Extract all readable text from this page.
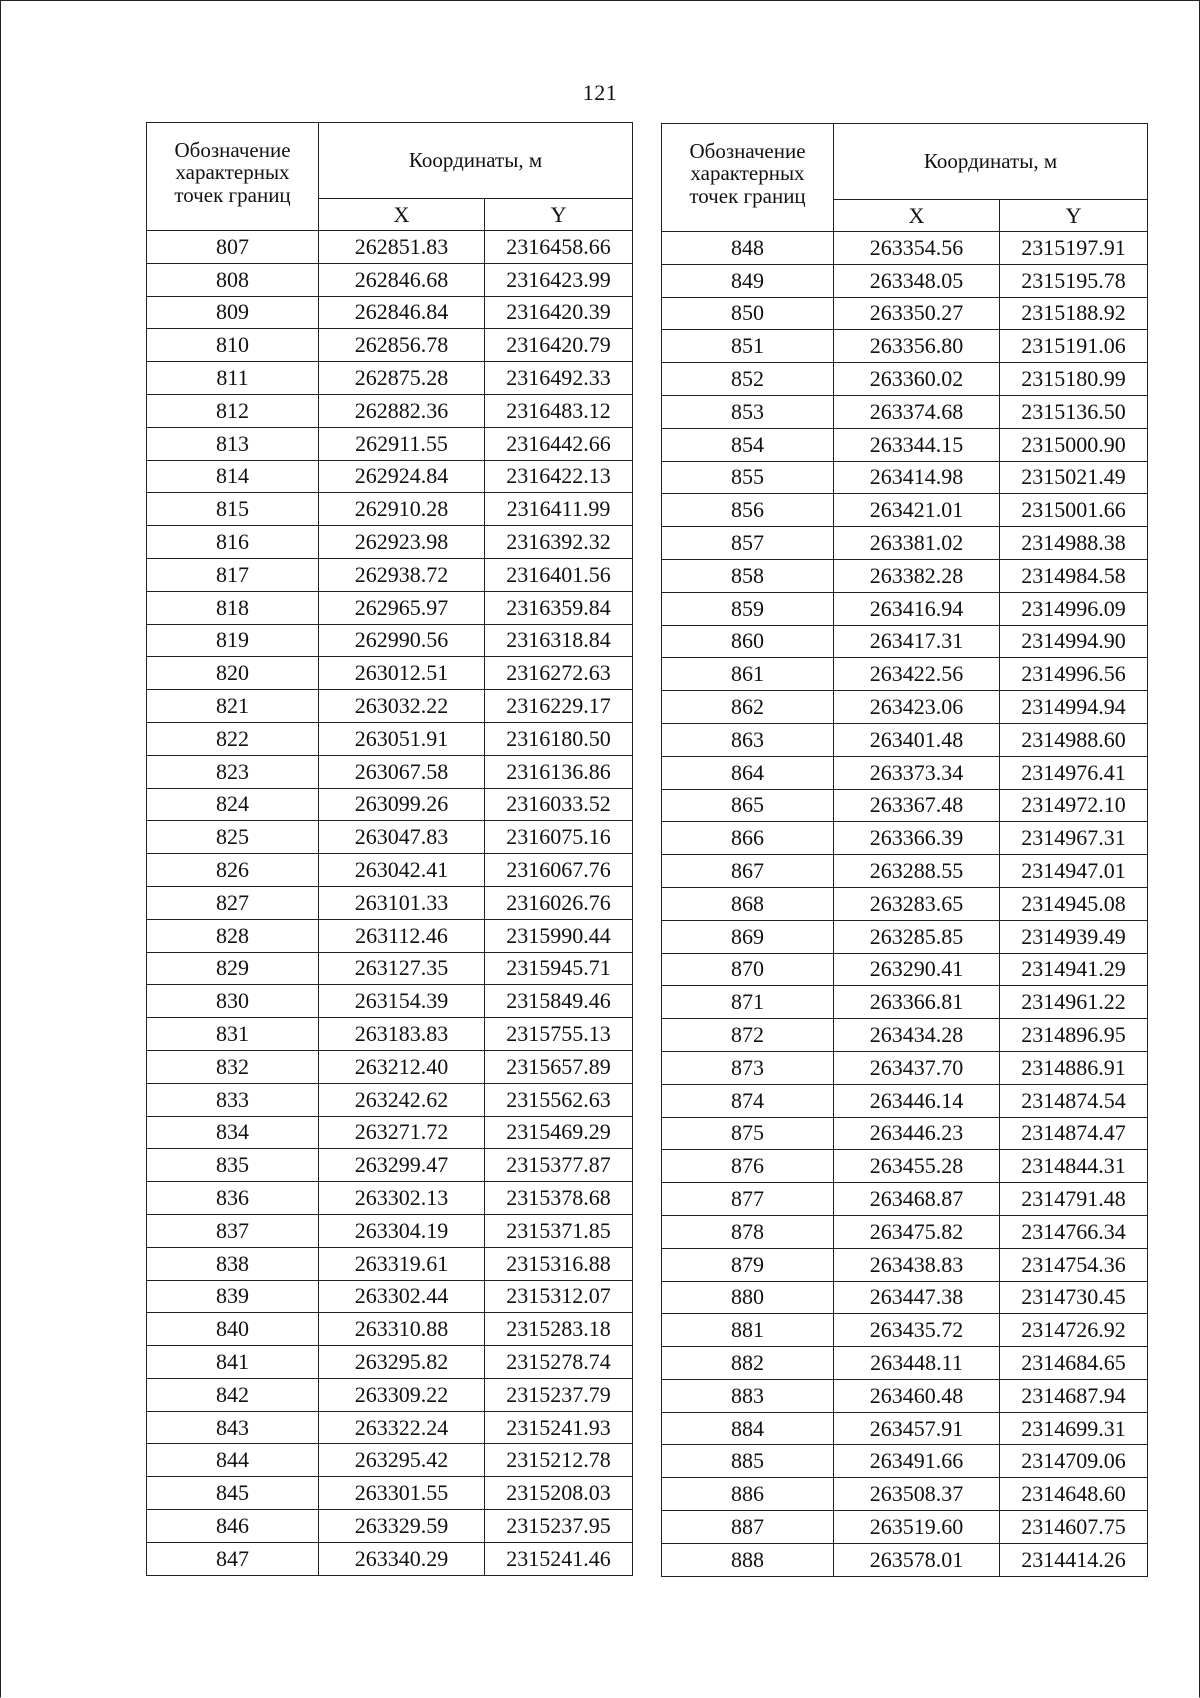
121
Обозначение
характерных
точек границ	Координаты, м	
	X	Y
807	262851.83	2316458.66
808	262846.68	2316423.99
809	262846.84	2316420.39
810	262856.78	2316420.79
811	262875.28	2316492.33
812	262882.36	2316483.12
813	262911.55	2316442.66
814	262924.84	2316422.13
815	262910.28	2316411.99
816	262923.98	2316392.32
817	262938.72	2316401.56
818	262965.97	2316359.84
819	262990.56	2316318.84
820	263012.51	2316272.63
821	263032.22	2316229.17
822	263051.91	2316180.50
823	263067.58	2316136.86
824	263099.26	2316033.52
825	263047.83	2316075.16
826	263042.41	2316067.76
827	263101.33	2316026.76
828	263112.46	2315990.44
829	263127.35	2315945.71
830	263154.39	2315849.46
831	263183.83	2315755.13
832	263212.40	2315657.89
833	263242.62	2315562.63
834	263271.72	2315469.29
835	263299.47	2315377.87
836	263302.13	2315378.68
837	263304.19	2315371.85
838	263319.61	2315316.88
839	263302.44	2315312.07
840	263310.88	2315283.18
841	263295.82	2315278.74
842	263309.22	2315237.79
843	263322.24	2315241.93
844	263295.42	2315212.78
845	263301.55	2315208.03
846	263329.59	2315237.95
847	263340.29	2315241.46
Обозначение
характерных
точек границ	Координаты, м	
	X	Y
848	263354.56	2315197.91
849	263348.05	2315195.78
850	263350.27	2315188.92
851	263356.80	2315191.06
852	263360.02	2315180.99
853	263374.68	2315136.50
854	263344.15	2315000.90
855	263414.98	2315021.49
856	263421.01	2315001.66
857	263381.02	2314988.38
858	263382.28	2314984.58
859	263416.94	2314996.09
860	263417.31	2314994.90
861	263422.56	2314996.56
862	263423.06	2314994.94
863	263401.48	2314988.60
864	263373.34	2314976.41
865	263367.48	2314972.10
866	263366.39	2314967.31
867	263288.55	2314947.01
868	263283.65	2314945.08
869	263285.85	2314939.49
870	263290.41	2314941.29
871	263366.81	2314961.22
872	263434.28	2314896.95
873	263437.70	2314886.91
874	263446.14	2314874.54
875	263446.23	2314874.47
876	263455.28	2314844.31
877	263468.87	2314791.48
878	263475.82	2314766.34
879	263438.83	2314754.36
880	263447.38	2314730.45
881	263435.72	2314726.92
882	263448.11	2314684.65
883	263460.48	2314687.94
884	263457.91	2314699.31
885	263491.66	2314709.06
886	263508.37	2314648.60
887	263519.60	2314607.75
888	263578.01	2314414.26
